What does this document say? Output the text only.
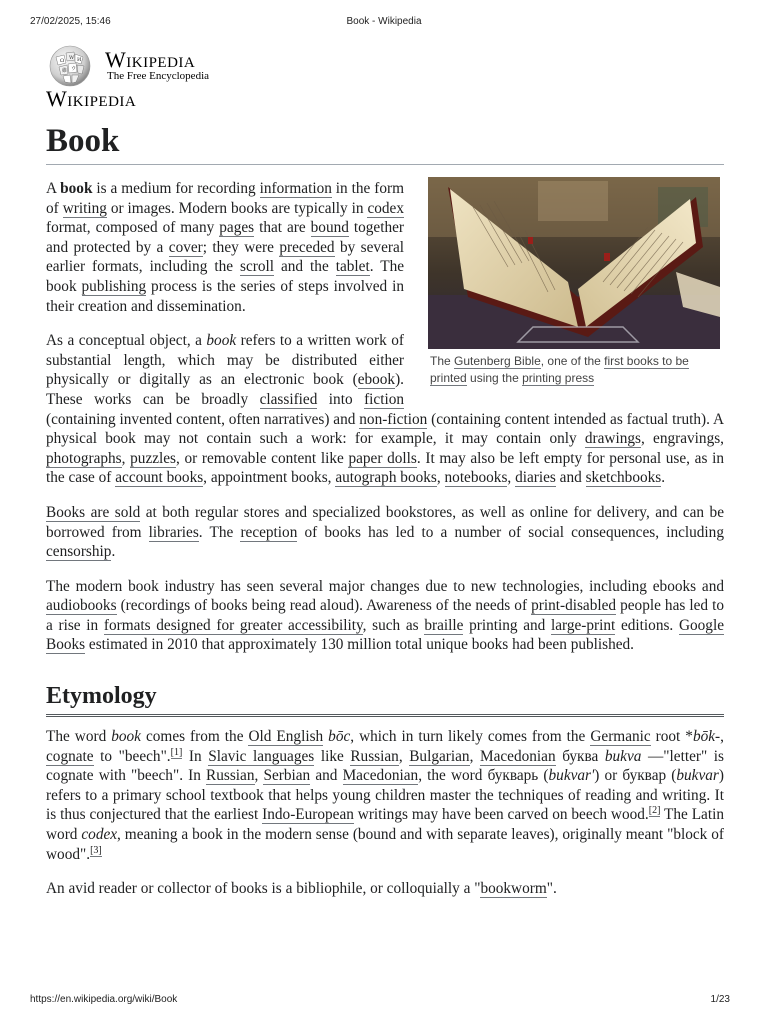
27/02/2025, 15:46	Book - Wikipedia
Ω W И
維 ウ Wikipedia
The Free Encyclopedia
Wikipedia
Book
The Gutenberg Bible, one of the first books to be printed using the printing press

A book is a medium for recording information in the form of writing or images. Modern books are typically in codex format, composed of many pages that are bound together and protected by a cover; they were preceded by several earlier formats, including the scroll and the tablet. The book publishing process is the series of steps involved in their creation and dissemination.

As a conceptual object, a book refers to a written work of substantial length, which may be distributed either physically or digitally as an electronic book (ebook). These works can be broadly classified into fiction (containing invented content, often narratives) and non-fiction (containing content intended as factual truth). A physical book may not contain such a work: for example, it may contain only drawings, engravings, photographs, puzzles, or removable content like paper dolls. It may also be left empty for personal use, as in the case of account books, appointment books, autograph books, notebooks, diaries and sketchbooks.

Books are sold at both regular stores and specialized bookstores, as well as online for delivery, and can be borrowed from libraries. The reception of books has led to a number of social consequences, including censorship.

The modern book industry has seen several major changes due to new technologies, including ebooks and audiobooks (recordings of books being read aloud). Awareness of the needs of print-disabled people has led to a rise in formats designed for greater accessibility, such as braille printing and large-print editions. Google Books estimated in 2010 that approximately 130 million total unique books had been published.

Etymology

The word book comes from the Old English bōc, which in turn likely comes from the Germanic root *bōk-, cognate to "beech".[1] In Slavic languages like Russian, Bulgarian, Macedonian буква bukva —"letter" is cognate with "beech". In Russian, Serbian and Macedonian, the word букварь (bukvar') or буквар (bukvar) refers to a primary school textbook that helps young children master the techniques of reading and writing. It is thus conjectured that the earliest Indo-European writings may have been carved on beech wood.[2] The Latin word codex, meaning a book in the modern sense (bound and with separate leaves), originally meant "block of wood".[3]

An avid reader or collector of books is a bibliophile, or colloquially a "bookworm".

https://en.wikipedia.org/wiki/Book	1/23
